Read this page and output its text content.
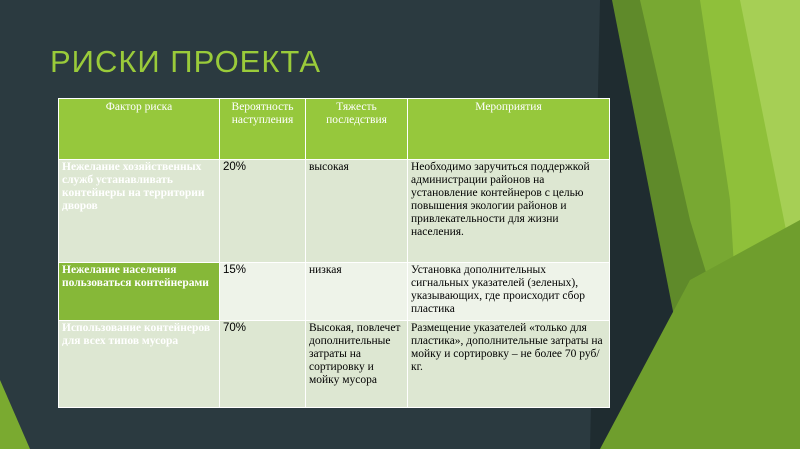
РИСКИ ПРОЕКТА
Фактор риска	Вероятность наступления	Тяжесть последствия	Мероприятия
Нежелание хозяйственных служб устанавливать контейнеры на территории дворов	20%	высокая	Необходимо заручиться поддержкой администрации районов на установление контейнеров с целью повышения экологии районов и привлекательности для жизни населения.
Нежелание населения пользоваться контейнерами	15%	низкая	Установка дополнительных сигнальных указателей (зеленых), указывающих, где происходит сбор пластика
Использование контейнеров для всех типов мусора	70%	Высокая, повлечет дополнительные затраты на сортировку и мойку мусора	Размещение указателей «только для пластика», дополнительные затраты на мойку и сортировку – не более 70 руб/кг.
